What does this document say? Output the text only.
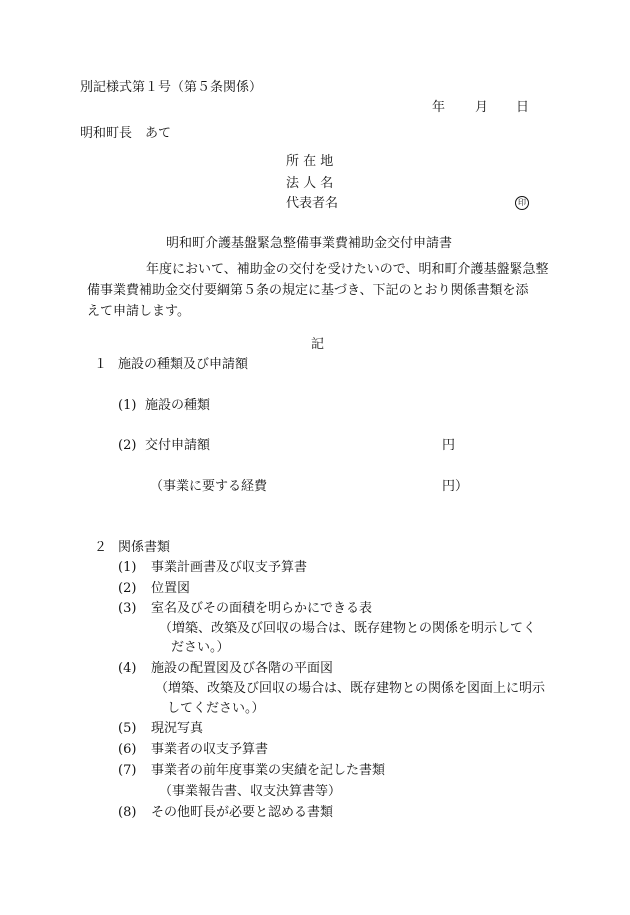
別記様式第１号（第５条関係）
年 月 日
明和町長　あて
所 在 地
法 人 名
代表者名	印
明和町介護基盤緊急整備事業費補助金交付申請書

　　　年度において、補助金の交付を受けたいので、明和町介護基盤緊急整

備事業費補助金交付要綱第５条の規定に基づき、下記のとおり関係書類を添

えて申請します。

記
１ 施設の種類及び申請額
(1) 施設の種類
(2) 交付申請額	円
（事業に要する経費	円）
２ 関係書類
(1) 事業計画書及び収支予算書
(2) 位置図
(3) 室名及びその面積を明らかにできる表
（増築、改築及び回収の場合は、既存建物との関係を明示してく
ださい。）
(4) 施設の配置図及び各階の平面図
（増築、改築及び回収の場合は、既存建物との関係を図面上に明示
してください。）
(5) 現況写真
(6) 事業者の収支予算書
(7) 事業者の前年度事業の実績を記した書類
（事業報告書、収支決算書等）
(8) その他町長が必要と認める書類
